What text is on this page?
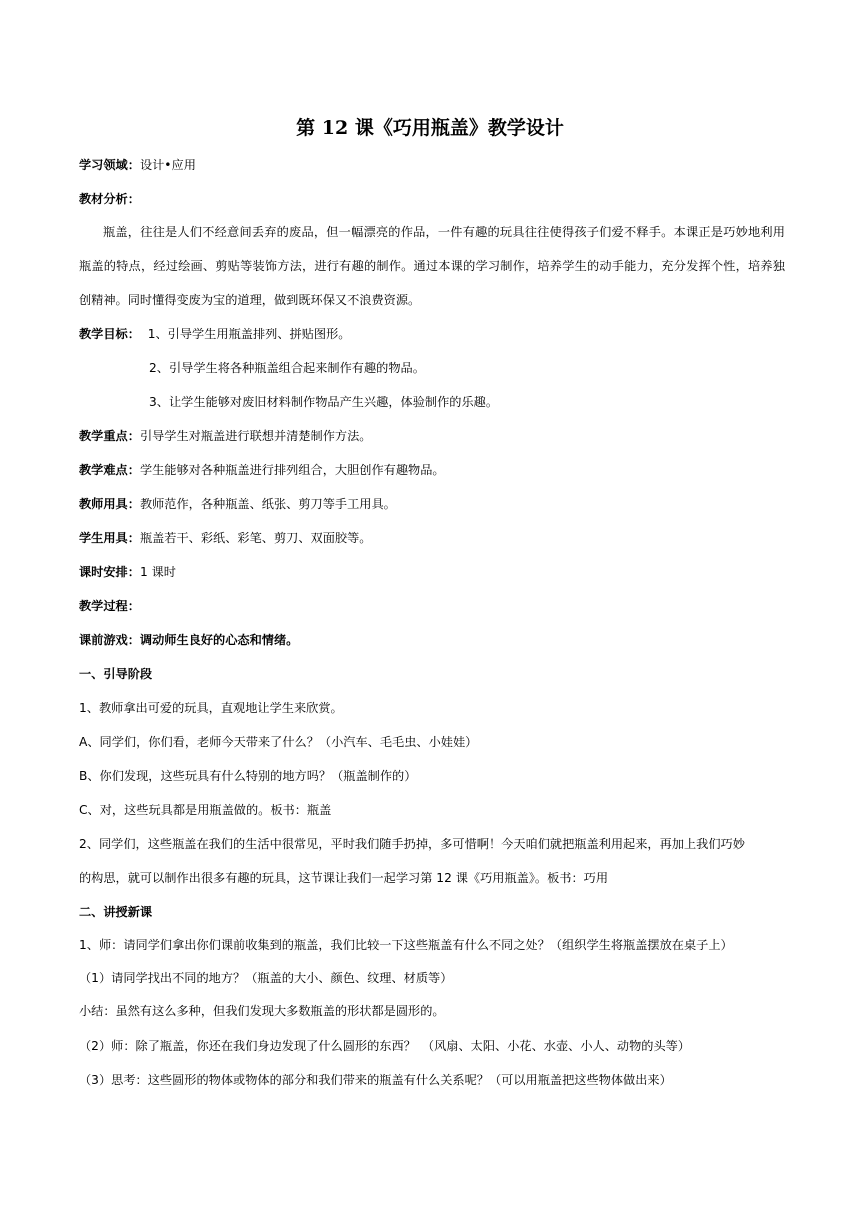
第 12 课《巧用瓶盖》教学设计
学习领域：设计•应用
教材分析：

瓶盖，往往是人们不经意间丢弃的废品，但一幅漂亮的作品，一件有趣的玩具往往使得孩子们爱不释手。本课正是巧妙地利用瓶盖的特点，经过绘画、剪贴等装饰方法，进行有趣的制作。通过本课的学习制作，培养学生的动手能力，充分发挥个性，培养独创精神。同时懂得变废为宝的道理，做到既环保又不浪费资源。

教学目标： 1、引导学生用瓶盖排列、拼贴图形。
2、引导学生将各种瓶盖组合起来制作有趣的物品。
3、让学生能够对废旧材料制作物品产生兴趣，体验制作的乐趣。
教学重点：引导学生对瓶盖进行联想并清楚制作方法。
教学难点：学生能够对各种瓶盖进行排列组合，大胆创作有趣物品。
教师用具：教师范作，各种瓶盖、纸张、剪刀等手工用具。
学生用具：瓶盖若干、彩纸、彩笔、剪刀、双面胶等。
课时安排：1 课时
教学过程：
课前游戏：调动师生良好的心态和情绪。
一、引导阶段
1、教师拿出可爱的玩具，直观地让学生来欣赏。
A、同学们，你们看，老师今天带来了什么？（小汽车、毛毛虫、小娃娃）
B、你们发现，这些玩具有什么特别的地方吗？（瓶盖制作的）
C、对，这些玩具都是用瓶盖做的。板书：瓶盖
2、同学们，这些瓶盖在我们的生活中很常见，平时我们随手扔掉，多可惜啊！今天咱们就把瓶盖利用起来，再加上我们巧妙
的构思，就可以制作出很多有趣的玩具，这节课让我们一起学习第 12 课《巧用瓶盖》。板书：巧用
二、讲授新课
1、师：请同学们拿出你们课前收集到的瓶盖，我们比较一下这些瓶盖有什么不同之处？（组织学生将瓶盖摆放在桌子上）
（1）请同学找出不同的地方？（瓶盖的大小、颜色、纹理、材质等）
小结：虽然有这么多种，但我们发现大多数瓶盖的形状都是圆形的。
（2）师：除了瓶盖，你还在我们身边发现了什么圆形的东西？　（风扇、太阳、小花、水壶、小人、动物的头等）
（3）思考：这些圆形的物体或物体的部分和我们带来的瓶盖有什么关系呢？（可以用瓶盖把这些物体做出来）
